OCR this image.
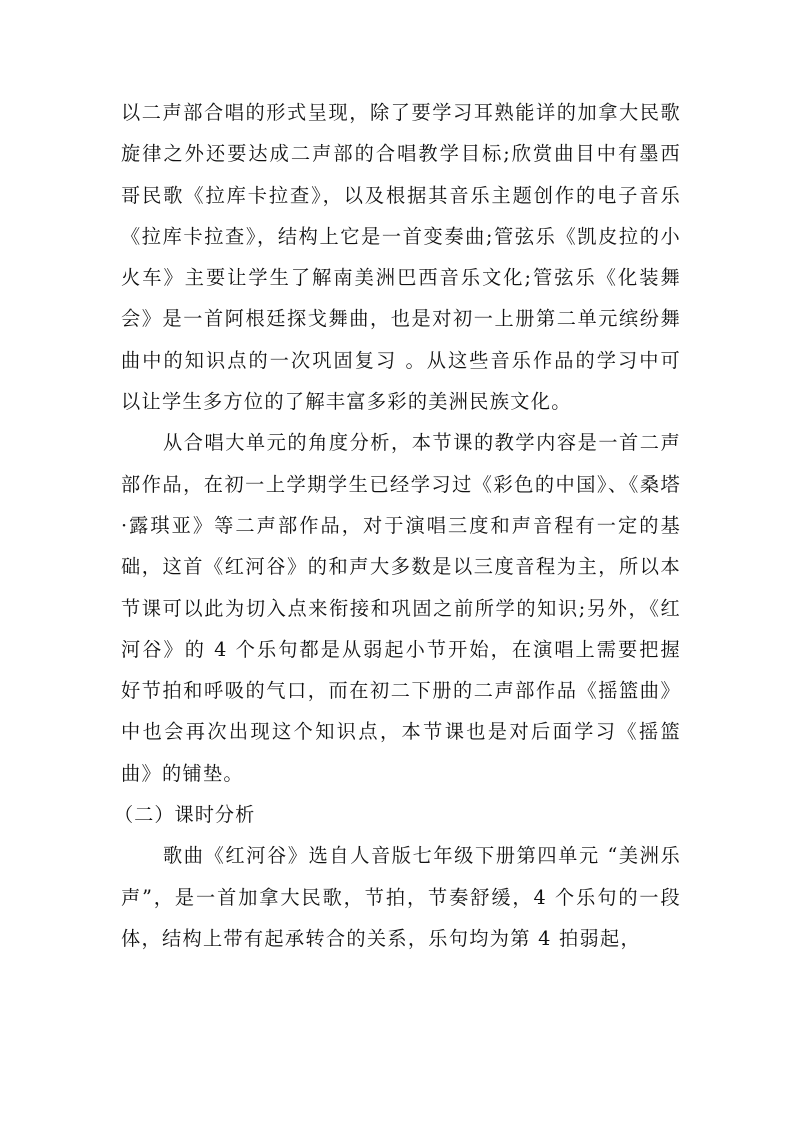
以二声部合唱的形式呈现，除了要学习耳熟能详的加拿大民歌旋律之外还要达成二声部的合唱教学目标;欣赏曲目中有墨西哥民歌《拉库卡拉查》，以及根据其音乐主题创作的电子音乐《拉库卡拉查》，结构上它是一首变奏曲;管弦乐《凯皮拉的小火车》主要让学生了解南美洲巴西音乐文化;管弦乐《化装舞会》是一首阿根廷探戈舞曲，也是对初一上册第二单元缤纷舞曲中的知识点的一次巩固复习 。从这些音乐作品的学习中可以让学生多方位的了解丰富多彩的美洲民族文化。

从合唱大单元的角度分析，本节课的教学内容是一首二声部作品，在初一上学期学生已经学习过《彩色的中国》、《桑塔·露琪亚》等二声部作品，对于演唱三度和声音程有一定的基础，这首《红河谷》的和声大多数是以三度音程为主，所以本节课可以此为切入点来衔接和巩固之前所学的知识;另外，《红河谷》的 4 个乐句都是从弱起小节开始，在演唱上需要把握好节拍和呼吸的气口，而在初二下册的二声部作品《摇篮曲》中也会再次出现这个知识点，本节课也是对后面学习《摇篮曲》的铺垫。

（二）课时分析

歌曲《红河谷》选自人音版七年级下册第四单元 “美洲乐声”，是一首加拿大民歌，节拍，节奏舒缓，4 个乐句的一段体，结构上带有起承转合的关系，乐句均为第 4 拍弱起，
